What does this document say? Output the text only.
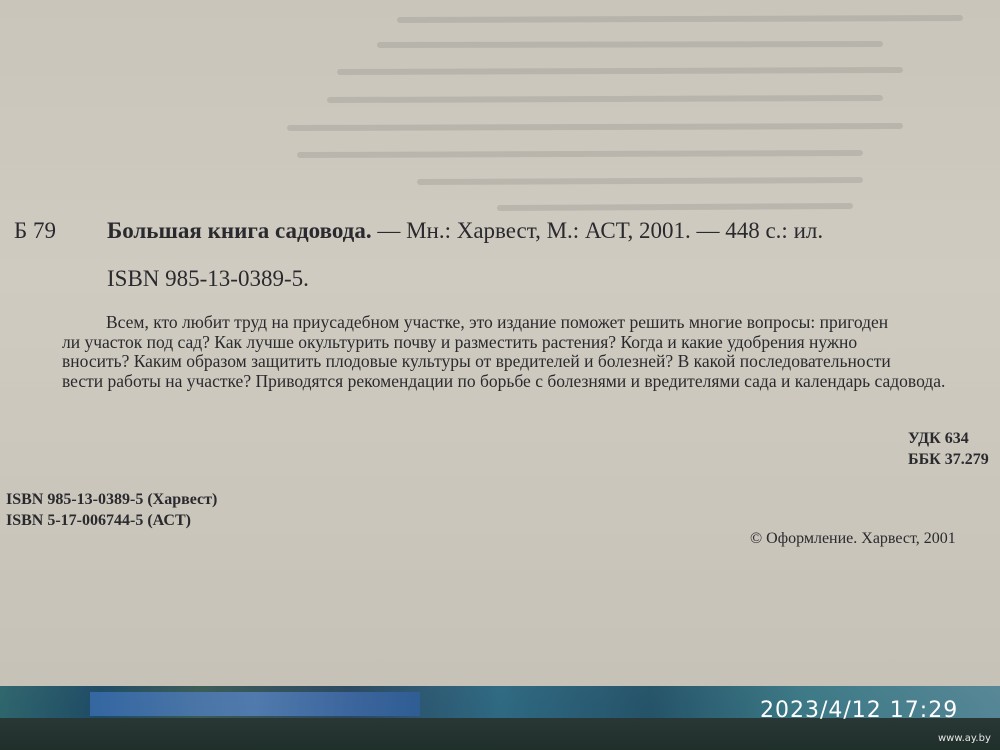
Б 79 Большая книга садовода. — Мн.: Харвест, М.: АСТ, 2001. — 448 с.: ил.
ISBN 985-13-0389-5.
Всем, кто любит труд на приусадебном участке, это издание поможет решить многие вопросы: пригоден
ли участок под сад? Как лучше окультурить почву и разместить растения? Когда и какие удобрения нужно
вносить? Каким образом защитить плодовые культуры от вредителей и болезней? В какой последовательности
вести работы на участке? Приводятся рекомендации по борьбе с болезнями и вредителями сада и календарь садовода.
УДК 634
ББК 37.279
ISBN 985-13-0389-5 (Харвест)
ISBN 5-17-006744-5 (АСТ)
© Оформление. Харвест, 2001
2023/4/12 17:29
www.ay.by
